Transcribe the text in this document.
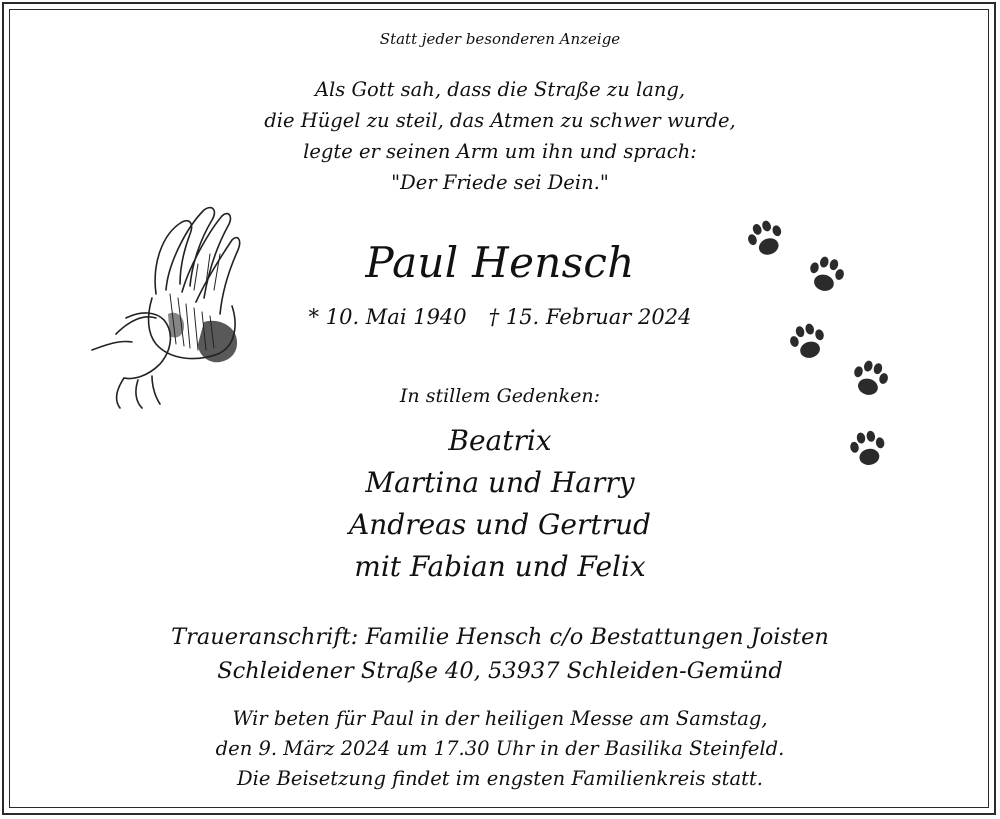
Statt jeder besonderen Anzeige
Als Gott sah, dass die Straße zu lang,
die Hügel zu steil, das Atmen zu schwer wurde,
legte er seinen Arm um ihn und sprach:
"Der Friede sei Dein."
Paul Hensch
* 10. Mai 1940 † 15. Februar 2024
In stillem Gedenken:
Beatrix
Martina und Harry
Andreas und Gertrud
mit Fabian und Felix
Traueranschrift: Familie Hensch c/o Bestattungen Joisten
Schleidener Straße 40, 53937 Schleiden-Gemünd
Wir beten für Paul in der heiligen Messe am Samstag,
den 9. März 2024 um 17.30 Uhr in der Basilika Steinfeld.
Die Beisetzung findet im engsten Familienkreis statt.
